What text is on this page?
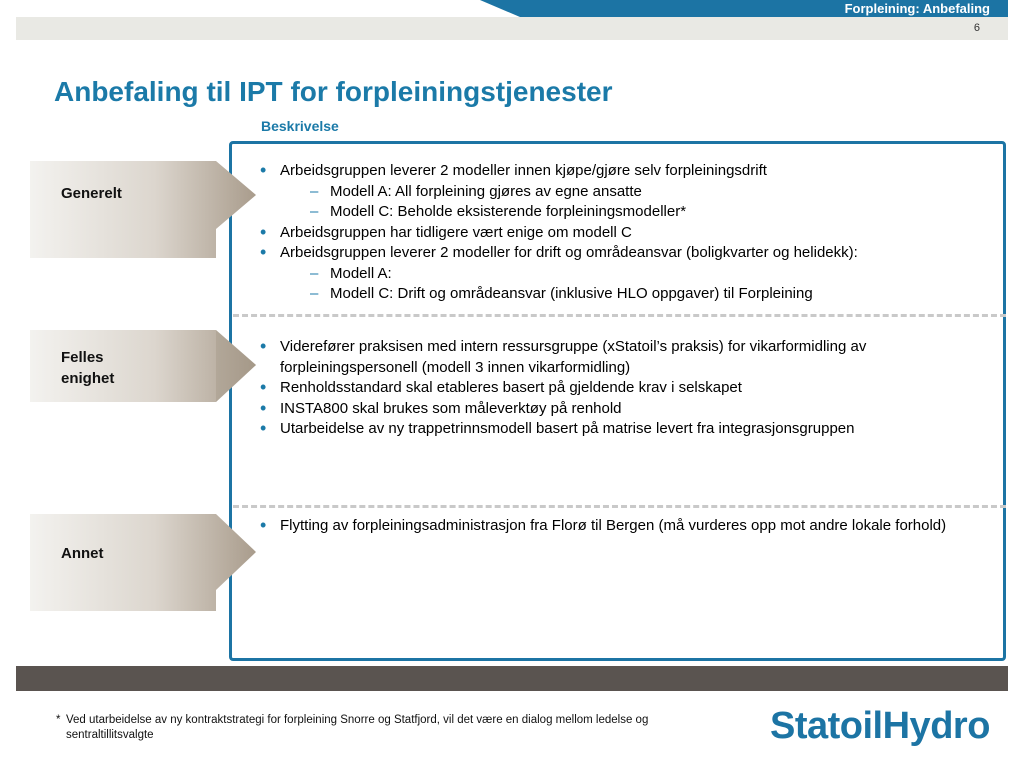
Forpleining: Anbefaling
6
Anbefaling til IPT for forpleiningstjenester
Beskrivelse
Generelt
Felles
enighet
Annet
• Arbeidsgruppen leverer 2 modeller innen kjøpe/gjøre selv forpleiningsdrift
– Modell A: All forpleining gjøres av egne ansatte
– Modell C: Beholde eksisterende forpleiningsmodeller*
• Arbeidsgruppen har tidligere vært enige om modell C
• Arbeidsgruppen leverer 2 modeller for drift og områdeansvar (boligkvarter og helidekk):
– Modell A:
– Modell C: Drift og områdeansvar (inklusive HLO oppgaver) til Forpleining
• Viderefører praksisen med intern ressursgruppe (xStatoil’s praksis) for vikarformidling av forpleiningspersonell (modell 3 innen vikarformidling)
• Renholdsstandard skal etableres basert på gjeldende krav i selskapet
• INSTA800 skal brukes som måleverktøy på renhold
• Utarbeidelse av ny trappetrinnsmodell basert på matrise levert fra integrasjonsgruppen
• Flytting av forpleiningsadministrasjon fra Florø til Bergen (må vurderes opp mot andre lokale forhold)
* Ved utarbeidelse av ny kontraktstrategi for forpleining Snorre og Statfjord, vil det være en dialog mellom ledelse og sentraltillitsvalgte	StatoilHydro
